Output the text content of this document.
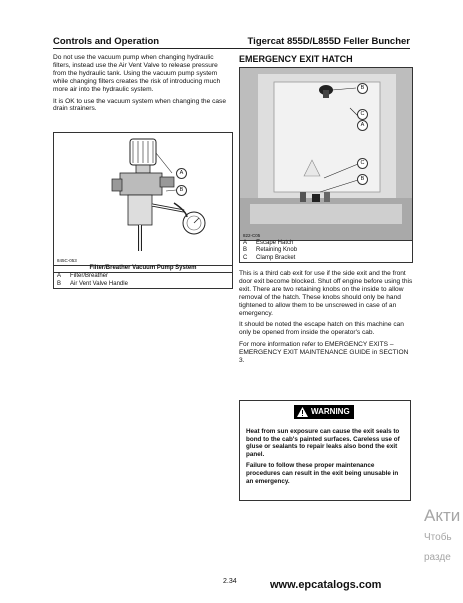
Controls and Operation	Tigercat 855D/L855D Feller Buncher

Do not use the vacuum pump when changing hydraulic filters, instead use the Air Vent Valve to release pressure from the hydraulic tank. Using the vacuum pump system while changing filters creates the risk of introducing much more air into the hydraulic system.

It is OK to use the vacuum system when changing the case drain strainers.

A
B
845C-053
Filter/Breather Vacuum Pump System
A Filter/Breather
B Air Vent Valve Handle
EMERGENCY EXIT HATCH
B
C
A
C
B
822-C05
A Escape Hatch
B Retaining Knob
C Clamp Bracket

This is a third cab exit for use if the side exit and the front door exit become blocked. Shut off engine before using this exit. There are two retaining knobs on the inside to allow removal of the hatch. These knobs should only be hand tightened to allow them to be unscrewed in case of an emergency.

It should be noted the escape hatch on this machine can only be opened from inside the operator's cab.

For more information refer to EMERGENCY EXITS – EMERGENCY EXIT MAINTENANCE GUIDE in SECTION 3.

WARNING

Heat from sun exposure can cause the exit seals to bond to the cab's painted surfaces. Careless use of gluse or sealants to repair leaks also bond the exit panel.

Failure to follow these proper maintenance procedures can result in the exit being unusable in an emergency.

2.34	www.epcatalogs.com
Акти
Чтобь
разде
